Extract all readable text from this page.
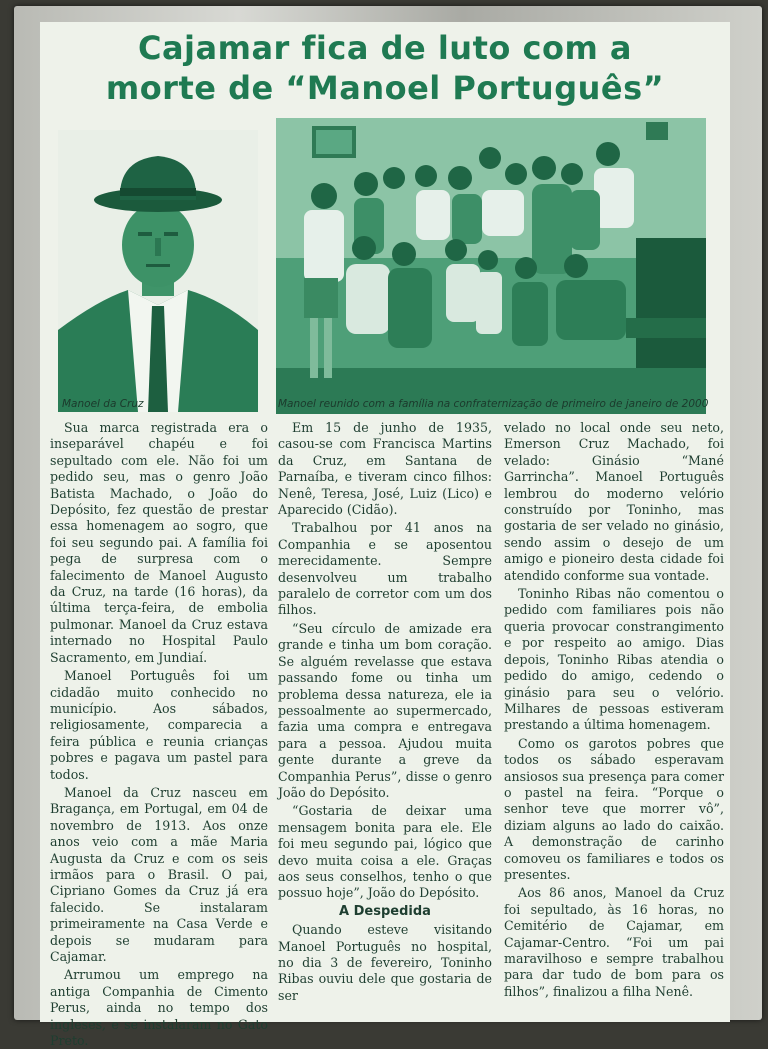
Cajamar fica de luto com a
morte de “Manoel Português”
Manoel da Cruz	Manoel reunido com a família na confraternização de primeiro de janeiro de 2000

Sua marca registrada era o inseparável chapéu e foi sepultado com ele. Não foi um pedido seu, mas o genro João Batista Machado, o João do Depósito, fez questão de prestar essa homenagem ao sogro, que foi seu segundo pai. A família foi pega de surpresa com o falecimento de Manoel Augusto da Cruz, na tarde (16 horas), da última terça-feira, de embolia pulmonar. Manoel da Cruz estava internado no Hospital Paulo Sacramento, em Jundiaí.

Manoel Português foi um cidadão muito conhecido no município. Aos sábados, religiosamente, comparecia a feira pública e reunia crianças pobres e pagava um pastel para todos.

Manoel da Cruz nasceu em Bragança, em Portugal, em 04 de novembro de 1913. Aos onze anos veio com a mãe Maria Augusta da Cruz e com os seis irmãos para o Brasil. O pai, Cipriano Gomes da Cruz já era falecido. Se instalaram primeiramente na Casa Verde e depois se mudaram para Cajamar.

Arrumou um emprego na antiga Companhia de Cimento Perus, ainda no tempo dos ingleses, e se instalaram no Gato Preto.

Em 15 de junho de 1935, casou-se com Francisca Martins da Cruz, em Santana de Parnaíba, e tiveram cinco filhos: Nenê, Teresa, José, Luiz (Lico) e Aparecido (Cidão).

Trabalhou por 41 anos na Companhia e se aposentou merecidamente. Sempre desenvolveu um trabalho paralelo de corretor com um dos filhos.

“Seu círculo de amizade era grande e tinha um bom coração. Se alguém revelasse que estava passando fome ou tinha um problema dessa natureza, ele ia pessoalmente ao supermercado, fazia uma compra e entregava para a pessoa. Ajudou muita gente durante a greve da Companhia Perus”, disse o genro João do Depósito.

“Gostaria de deixar uma mensagem bonita para ele. Ele foi meu segundo pai, lógico que devo muita coisa a ele. Graças aos seus conselhos, tenho o que possuo hoje”, João do Depósito.

A Despedida

Quando esteve visitando Manoel Português no hospital, no dia 3 de fevereiro, Toninho Ribas ouviu dele que gostaria de ser

velado no local onde seu neto, Emerson Cruz Machado, foi velado: Ginásio “Mané Garrincha”. Manoel Português lembrou do moderno velório construído por Toninho, mas gostaria de ser velado no ginásio, sendo assim o desejo de um amigo e pioneiro desta cidade foi atendido conforme sua vontade.

Toninho Ribas não comentou o pedido com familiares pois não queria provocar constrangimento e por respeito ao amigo. Dias depois, Toninho Ribas atendia o pedido do amigo, cedendo o ginásio para seu o velório. Milhares de pessoas estiveram prestando a última homenagem.

Como os garotos pobres que todos os sábado esperavam ansiosos sua presença para comer o pastel na feira. “Porque o senhor teve que morrer vô”, diziam alguns ao lado do caixão. A demonstração de carinho comoveu os familiares e todos os presentes.

Aos 86 anos, Manoel da Cruz foi sepultado, às 16 horas, no Cemitério de Cajamar, em Cajamar-Centro. “Foi um pai maravilhoso e sempre trabalhou para dar tudo de bom para os filhos”, finalizou a filha Nenê.
